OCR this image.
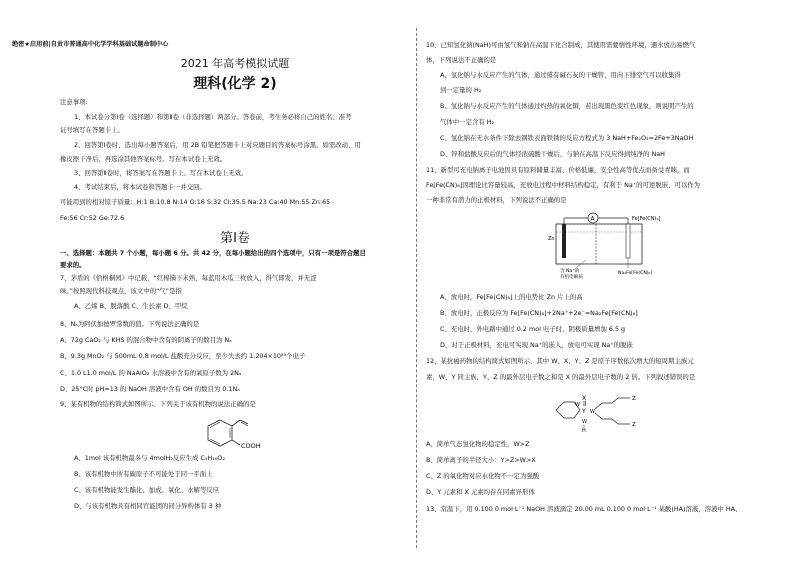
绝密★启用前|自贡市普通高中化学学科基础试题命制中心
2021 年高考模拟试题
理科(化学 2)
注意事项:
1、本试卷分第Ⅰ卷（选择题）和第Ⅱ卷（非选择题）两部分。答卷前，考生务必将自己的姓名、准考
证号填写在答题卡上。
2、回答第Ⅰ卷时，选出每小题答案后，用 2B 铅笔把答题卡上对应题目的答案标号涂黑。如需改动，用
橡皮擦干净后，再选涂其他答案标号。写在本试卷上无效。
3、回答第Ⅱ卷时，将答案写在答题卡上。写在本试卷上无效。
4、考试结束后，将本试卷和答题卡一并交回。
可能用到的相对原子质量：H:1 B:10.8 N:14 O:16 S:32 Cl:35.5 Na:23 Ca:40 Mn:55 Zn:65
Fe:56 Cr:52 Ge:72.6
第Ⅰ卷
一、选择题：本题共 7 个小题，每小题 6 分。共 42 分，在每小题给出的四个选项中，只有一项是符合题目
要求的。
7、茅盾的《恰格桐园》中记载，“红棉摘下未熟，每蓝用木瓜三枚放入，得气即发，并无涩
味。”按照现代科技观点，该文中的“气”是指
A、乙烯 B、脱落酸 C、生长素 D、甲烷
8、Nₐ为阿伏加德罗常数的值。下列说法正确的是
A、72g CaO₂ 与 KHS 的混合物中含有的阴离子的数目为 Nₐ
B、9.3g MnO₂ 与 500mL 0.8 mol/L 盐酸充分反应，至少失去约 1.204×10²³个电子
C、1.0 L1.0 mol/L 的 NaAlO₂ 水溶液中含有的氧原子数为 2Nₐ
D、25°C时 pH=13 的 NaOH 溶液中含有 OH 的数目为 0.1Nₐ
9、某有机物的结构简式如图所示。下列关于该有机物的说法正确的是
COOH
A、1mol 该有机物最多与 4molH₂反应生成 C₉H₁₆O₂
B、该有机物中所有碳原子不可能处于同一平面上
C、该有机物能发生酯化、加成、氧化、水解等反应
D、与该有机物具有相同官能团的同分异构体有 3 种
10、已知氢化钠(NaH)可由氢气和钠在高温下化合制成，其使用需要惰性环境，遇水放出易燃气
体，下列说法不正确的是
A、氢化钠与水反应产生的气体，通过盛有碱石灰的干燥管，用向下排空气可以收集得
到一定量的 H₂
B、氢化钠与水反应产生的气体通过灼热的氧化铜，若出现黑色变红色现象，则说明产生的
气体中一定含有 H₂
C、氢化钠在无水条件下除去钢铁表面铁锈的反应方程式为 3 NaH+Fe₂O₃=2Fe+3NaOH
D、锌和盐酸反应后的气体经浓硫酸干燥后，与钠在高温下反应得到纯净的 NaH
11、新型可充电钠离子电池因具有原料储量丰富、价格低廉，安全性高等优点而备受青睐，而
Fe[Fe(CN)₆]因理论比容量较高，充放电过程中材料结构稳定，有利于 Na⁺的可逆脱嵌，可以作为
一种非常有潜力的正极材料，下列说法不正确的是
A	Fe[Fe(CN)₆]
Zn
含 Na⁺的
有机电解质
Na₂Fe[Fe(CN)₆]
A、放电时，Fe[Fe(CN)₆]上的电势比 Zn 片上的高
B、放电时，正极反应为 Fe[Fe(CN)₆]+2Na⁺+2e⁻=Na₂Fe[Fe(CN)₆]
C、充电时，外电路中通过 0.2 mol 电子时，阴极质量增加 6.5 g
D、对于正极材料，充电可实现 Na⁺的嵌入，放电可实现 Na⁺的脱嵌
12、某抗癌药物的结构简式如图所示，其中 W、X、Y、Z 是原子序数依次增大的短周期主族元
素，W、Y 同主族，Y、Z 的最外层电子数之和是 X 的最外层电子数的 2 倍。下列叙述错误的是
X
Y
W
W
W
H
Z
Z
A、简单气态氢化物的稳定性，W>Z
B、简单离子的半径大小：Y>Z>W>X
C、Z 的氧化物对应水化物不一定为强酸
D、Y 元素和 X 元素均存在同素异形体
13、常温下，用 0.100 0 mol·L⁻¹ NaOH 溶液滴定 20.00 mL 0.100 0 mol·L⁻¹ 某酸(HA)溶液，溶液中 HA、
